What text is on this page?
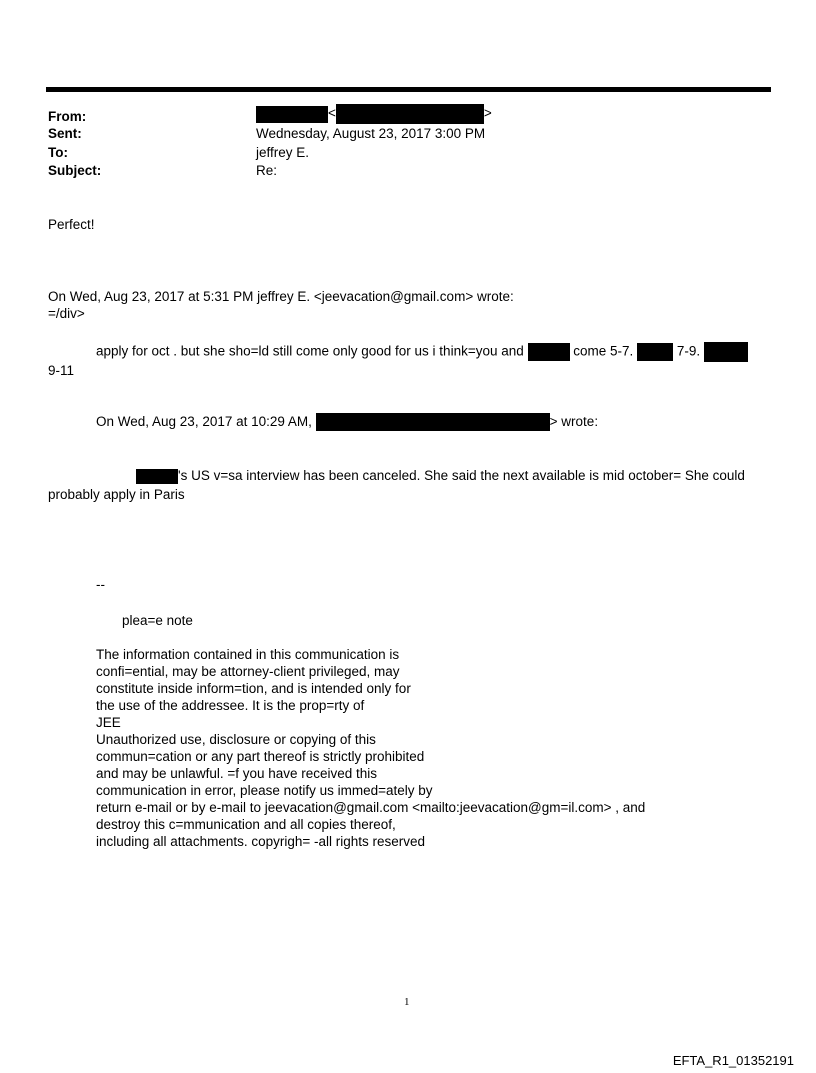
From:	<	>
Sent:	Wednesday, August 23, 2017 3:00 PM
To:	jeffrey E.
Subject:	Re:
Perfect!
On Wed, Aug 23, 2017 at 5:31 PM jeffrey E. <jeevacation@gmail.com> wrote:
=/div>
apply for oct . but she sho=ld still come only good for us i think=you and	come 5-7.	7-9.
9-11
On Wed, Aug 23, 2017 at 10:29 AM,	> wrote:
's US v=sa interview has been canceled. She said the next available is mid october= She could
probably apply in Paris
--
plea=e note
The information contained in this communication is
confi=ential, may be attorney-client privileged, may
constitute inside inform=tion, and is intended only for
the use of the addressee. It is the prop=rty of
JEE
Unauthorized use, disclosure or copying of this
commun=cation or any part thereof is strictly prohibited
and may be unlawful. =f you have received this
communication in error, please notify us immed=ately by
return e-mail or by e-mail to jeevacation@gmail.com <mailto:jeevacation@gm=il.com> , and
destroy this c=mmunication and all copies thereof,
including all attachments. copyrigh= -all rights reserved
1
EFTA_R1_01352191
